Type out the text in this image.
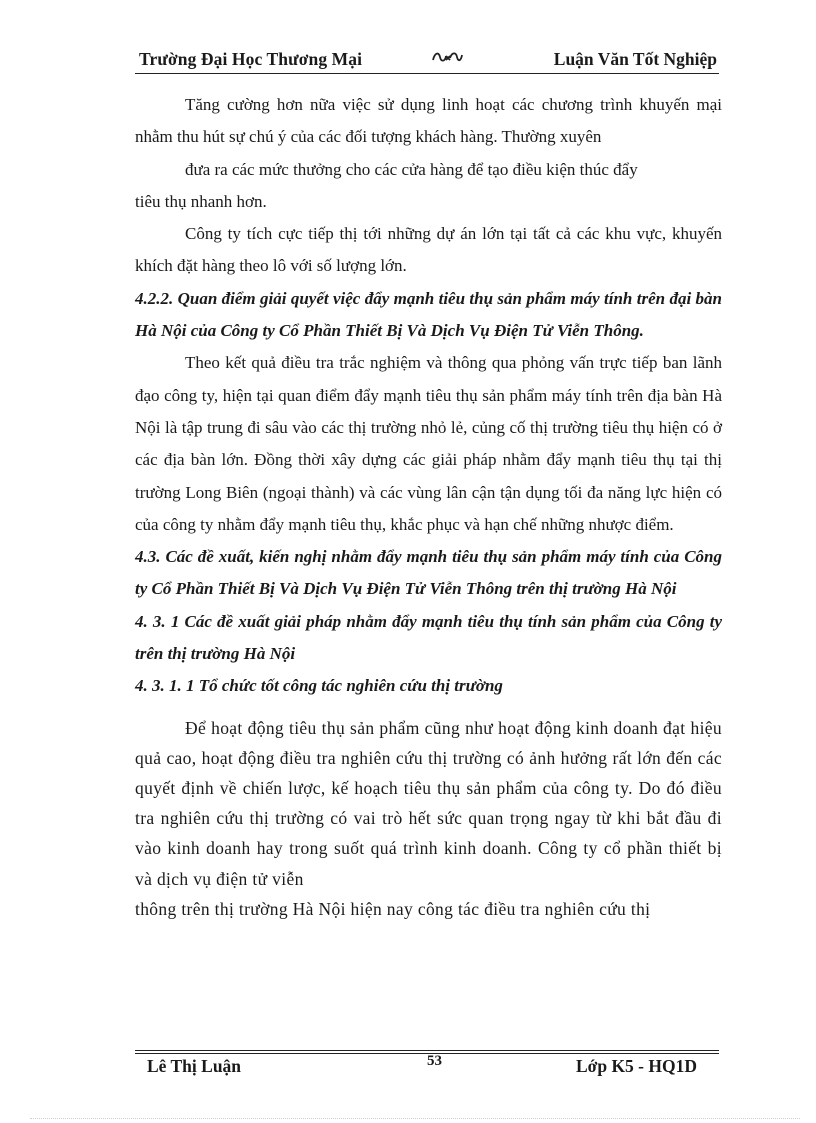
Trường Đại Học Thương Mại	Luận Văn Tốt Nghiệp

Tăng cường hơn nữa việc sử dụng linh hoạt các chương trình khuyến mại nhằm thu hút sự chú ý của các đối tượng khách hàng. Thường xuyên

đưa ra các mức thưởng cho các cửa hàng để tạo điều kiện thúc đẩy

tiêu thụ nhanh hơn.

Công ty tích cực tiếp thị tới những dự án lớn tại tất cả các khu vực, khuyến khích đặt hàng theo lô với số lượng lớn.

4.2.2. Quan điểm giải quyết việc đẩy mạnh tiêu thụ sản phẩm máy tính trên đại bàn Hà Nội của Công ty Cổ Phần Thiết Bị Và Dịch Vụ Điện Tử Viễn Thông.

Theo kết quả điều tra trắc nghiệm và thông qua phỏng vấn trực tiếp ban lãnh đạo công ty, hiện tại quan điểm đẩy mạnh tiêu thụ sản phẩm máy tính trên địa bàn Hà Nội là tập trung đi sâu vào các thị trường nhỏ lẻ, củng cố thị trường tiêu thụ hiện có ở các địa bàn lớn. Đồng thời xây dựng các giải pháp nhằm đẩy mạnh tiêu thụ tại thị trường Long Biên (ngoại thành) và các vùng lân cận tận dụng tối đa năng lực hiện có của công ty nhằm đẩy mạnh tiêu thụ, khắc phục và hạn chế những nhược điểm.

4.3. Các đề xuất, kiến nghị nhằm đẩy mạnh tiêu thụ sản phẩm máy tính của Công ty Cổ Phần Thiết Bị Và Dịch Vụ Điện Tử Viễn Thông trên thị trường Hà Nội

4. 3. 1 Các đề xuất giải pháp nhằm đẩy mạnh tiêu thụ tính sản phẩm của Công ty trên thị trường Hà Nội

4. 3. 1. 1 Tổ chức tốt công tác nghiên cứu thị trường

Để hoạt động tiêu thụ sản phẩm cũng như hoạt động kinh doanh đạt hiệu quả cao, hoạt động điều tra nghiên cứu thị trường có ảnh hưởng rất lớn đến các quyết định về chiến lược, kế hoạch tiêu thụ sản phẩm của công ty. Do đó điều tra nghiên cứu thị trường có vai trò hết sức quan trọng ngay từ khi bắt đầu đi vào kinh doanh hay trong suốt quá trình kinh doanh. Công ty cổ phần thiết bị và dịch vụ điện tử viễn

thông trên thị trường Hà Nội hiện nay công tác điều tra nghiên cứu thị

Lê Thị Luận	53	Lớp K5 - HQ1D
